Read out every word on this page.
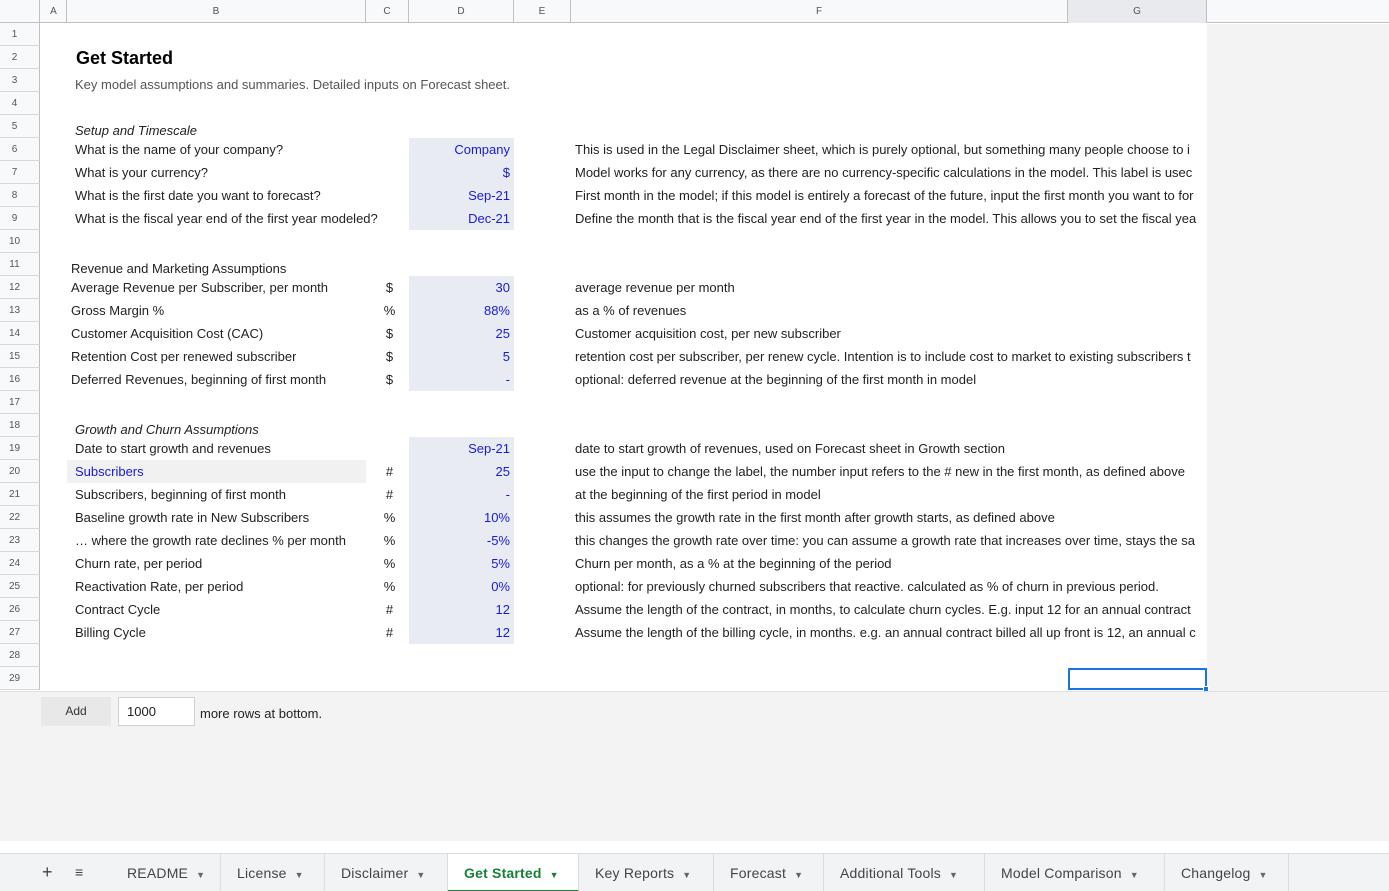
A	B	C	D	E	F	G
1
2
3
4
5
6
7
8
9
10
11
12
13
14
15
16
17
18
19
20
21
22
23
24
25
26
27
28
29
Get Started
Key model assumptions and summaries. Detailed inputs on Forecast sheet.
Setup and Timescale
What is the name of your company?	Company	This is used in the Legal Disclaimer sheet, which is purely optional, but something many people choose to i
What is your currency?	$	Model works for any currency, as there are no currency-specific calculations in the model. This label is usec
What is the first date you want to forecast?	Sep-21	First month in the model; if this model is entirely a forecast of the future, input the first month you want to for
What is the fiscal year end of the first year modeled?	Dec-21	Define the month that is the fiscal year end of the first year in the model. This allows you to set the fiscal yea
Revenue and Marketing Assumptions
Average Revenue per Subscriber, per month	$	30	average revenue per month
Gross Margin %	%	88%	as a % of revenues
Customer Acquisition Cost (CAC)	$	25	Customer acquisition cost, per new subscriber
Retention Cost per renewed subscriber	$	5	retention cost per subscriber, per renew cycle. Intention is to include cost to market to existing subscribers t
Deferred Revenues, beginning of first month	$	-	optional: deferred revenue at the beginning of the first month in model
Growth and Churn Assumptions
Date to start growth and revenues	Sep-21	date to start growth of revenues, used on Forecast sheet in Growth section
Subscribers	#	25	use the input to change the label, the number input refers to the # new in the first month, as defined above
Subscribers, beginning of first month	#	-	at the beginning of the first period in model
Baseline growth rate in New Subscribers	%	10%	this assumes the growth rate in the first month after growth starts, as defined above
… where the growth rate declines % per month	%	-5%	this changes the growth rate over time: you can assume a growth rate that increases over time, stays the sa
Churn rate, per period	%	5%	Churn per month, as a % at the beginning of the period
Reactivation Rate, per period	%	0%	optional: for previously churned subscribers that reactive. calculated as % of churn in previous period.
Contract Cycle	#	12	Assume the length of the contract, in months, to calculate churn cycles. E.g. input 12 for an annual contract
Billing Cycle	#	12	Assume the length of the billing cycle, in months. e.g. an annual contract billed all up front is 12, an annual c
Add	1000	more rows at bottom.
+ ≡	README ▼	License ▼	Disclaimer ▼	Get Started ▼	Key Reports ▼	Forecast ▼	Additional Tools ▼	Model Comparison ▼	Changelog ▼
